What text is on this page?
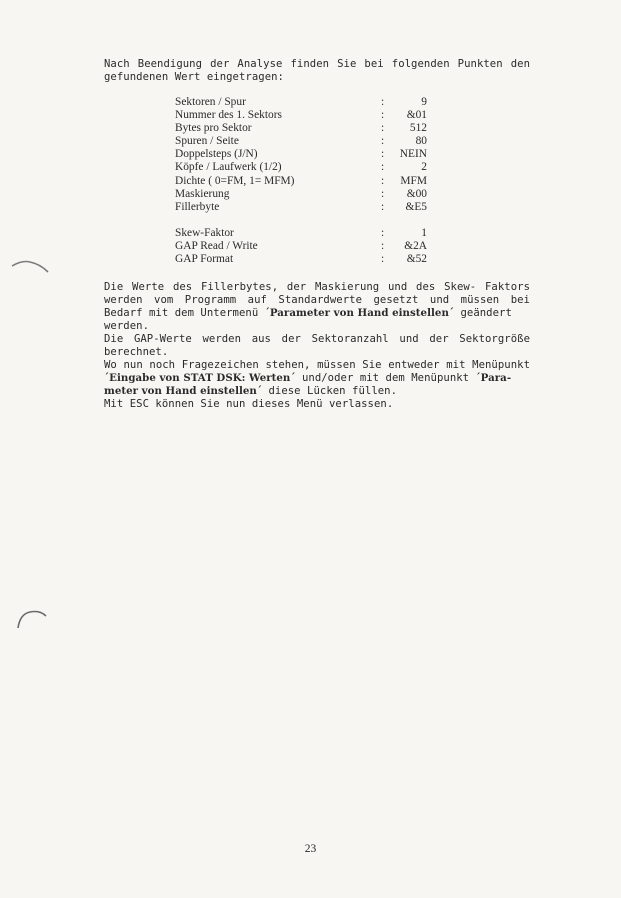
Nach Beendigung der Analyse finden Sie bei folgenden Punkten den
gefundenen Wert eingetragen:
Sektoren / Spur	:	9
Nummer des 1. Sektors	: &01
Bytes pro Sektor	: 512
Spuren / Seite	:	80
Doppelsteps (J/N)	: NEIN
Köpfe / Laufwerk (1/2)	:	2
Dichte ( 0=FM, 1= MFM)	: MFM
Maskierung	: &00
Fillerbyte	: &E5
Skew-Faktor	:	1
GAP Read / Write	: &2A
GAP Format	: &52
Die Werte des Fillerbytes, der Maskierung und des Skew- Faktors
werden vom Programm auf Standardwerte gesetzt und müssen bei
Bedarf mit dem Untermenü ´Parameter von Hand einstellen´ geändert
werden.
Die GAP-Werte werden aus der Sektoranzahl und der Sektorgröße
berechnet.
Wo nun noch Fragezeichen stehen, müssen Sie entweder mit Menüpunkt
´Eingabe von STAT DSK: Werten´ und/oder mit dem Menüpunkt ´Para-
meter von Hand einstellen´ diese Lücken füllen.
Mit ESC können Sie nun dieses Menü verlassen.
23
